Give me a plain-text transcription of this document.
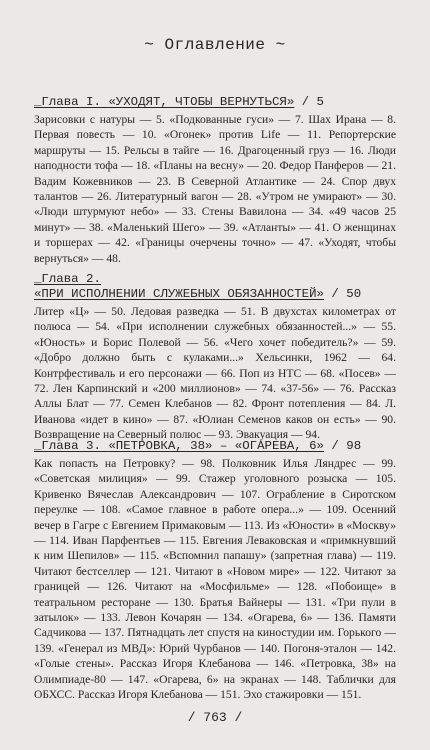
~ Оглавление ~
_Глава I. «УХОДЯТ, ЧТОБЫ ВЕРНУТЬСЯ» / 5

Зарисовки с натуры — 5. «Подкованные гуси» — 7. Шах Ирана — 8. Первая повесть — 10. «Огонек» против Life — 11. Репортерские маршруты — 15. Рельсы в тайге — 16. Драгоценный груз — 16. Люди наподности тофа — 18. «Планы на весну» — 20. Федор Панферов — 21. Вадим Кожевников — 23. В Северной Атлантике — 24. Спор двух талантов — 26. Литературный вагон — 28. «Утром не умирают» — 30. «Люди штурмуют небо» — 33. Стены Вавилона — 34. «49 часов 25 минут» — 38. «Маленький Шего» — 39. «Атланты» — 41. О женщинах и торшерах — 42. «Границы очерчены точно» — 47. «Уходят, чтобы вернуться» — 48.

_Глава 2.
«ПРИ ИСПОЛНЕНИИ СЛУЖЕБНЫХ ОБЯЗАННОСТЕЙ» / 50

Литер «Ц» — 50. Ледовая разведка — 51. В двухстах километрах от полюса — 54. «При исполнении служебных обязанностей...» — 55. «Юность» и Борис Полевой — 56. «Чего хочет победитель?» — 59. «Добро должно быть с кулаками...» Хельсинки, 1962 — 64. Контрфестиваль и его персонажи — 66. Поп из НТС — 68. «Посев» — 72. Лен Карпинский и «200 миллионов» — 74. «37-56» — 76. Рассказ Аллы Блат — 77. Семен Клебанов — 82. Фронт потепления — 84. Л. Иванова «идет в кино» — 87. «Юлиан Семенов каков он есть» — 90. Возвращение на Северный полюс — 93. Эвакуация — 94.

_Глава 3. «ПЕТРОВКА, 38» – «ОГАРЕВА, 6» / 98

Как попасть на Петровку? — 98. Полковник Илья Ляндрес — 99. «Советская милиция» — 99. Стажер уголовного розыска — 105. Кривенко Вячеслав Александрович — 107. Ограбление в Сиротском переулке — 108. «Самое главное в работе опера...» — 109. Осенний вечер в Гагре с Евгением Примаковым — 113. Из «Юности» в «Москву» — 114. Иван Парфентьев — 115. Евгения Леваковская и «примкнувший к ним Шепилов» — 115. «Вспомнил папашу» (запретная глава) — 119. Читают бестселлер — 121. Читают в «Новом мире» — 122. Читают за границей — 126. Читают на «Мосфильме» — 128. «Побоище» в театральном ресторане — 130. Братья Вайнеры — 131. «Три пули в затылок» — 133. Левон Кочарян — 134. «Огарева, 6» — 136. Памяти Садчикова — 137. Пятнадцать лет спустя на киностудии им. Горького — 139. «Генерал из МВД»: Юрий Чурбанов — 140. Погоня-эталон — 142. «Голые стены». Рассказ Игоря Клебанова — 146. «Петровка, 38» на Олимпиаде-80 — 147. «Огарева, 6» на экранах — 148. Таблички для ОБХСС. Рассказ Игоря Клебанова — 151. Эхо стажировки — 151.

/ 763 /
